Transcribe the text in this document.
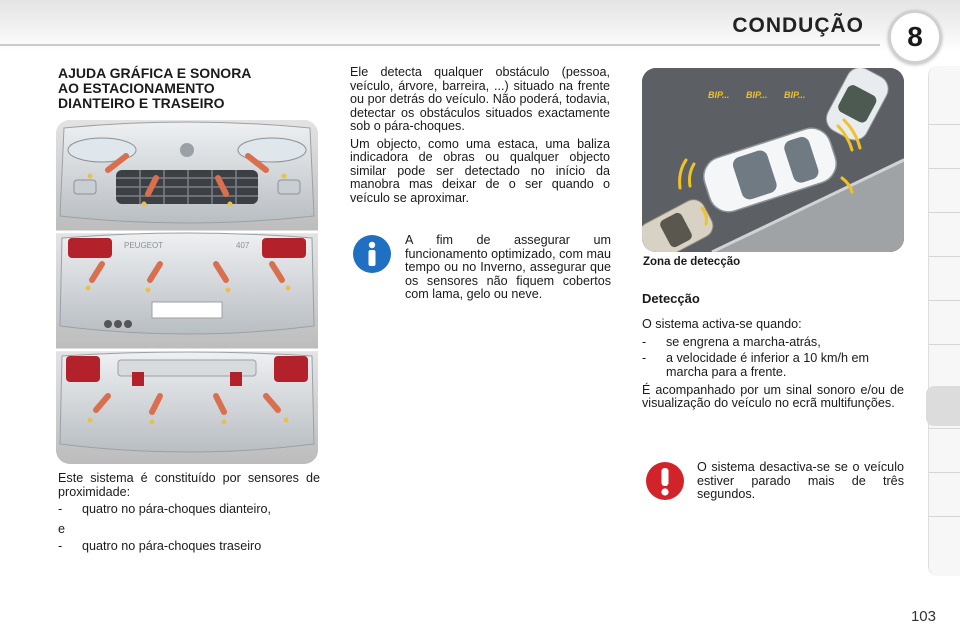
CONDUÇÃO	8
AJUDA GRÁFICA E SONORA
AO ESTACIONAMENTO
DIANTEIRO E TRASEIRO
PEUGEOT	407

Este sistema é constituído por sensores de proximidade:

- quatro no pára-choques dianteiro,

e

- quatro no pára-choques traseiro

Ele detecta qualquer obstáculo (pessoa, veículo, árvore, barreira, ...) situado na frente ou por detrás do veículo. Não poderá, todavia, detectar os obstáculos situados exactamente sob o pára-choques.

Um objecto, como uma estaca, uma baliza indicadora de obras ou qualquer objecto similar pode ser detectado no início da manobra mas deixar de o ser quando o veículo se aproximar.

A fim de assegurar um funcionamento optimizado, com mau tempo ou no Inverno, assegurar que os sensores não fiquem cobertos com lama, gelo ou neve.

BIP... BIP... BIP...
Zona de detecção
Detecção

O sistema activa-se quando:

- se engrena a marcha-atrás,
- a velocidade é inferior a 10 km/h em marcha para a frente.

É acompanhado por um sinal sonoro e/ou de visualização do veículo no ecrã multifunções.

O sistema desactiva-se se o veículo estiver parado mais de três segundos.

103
